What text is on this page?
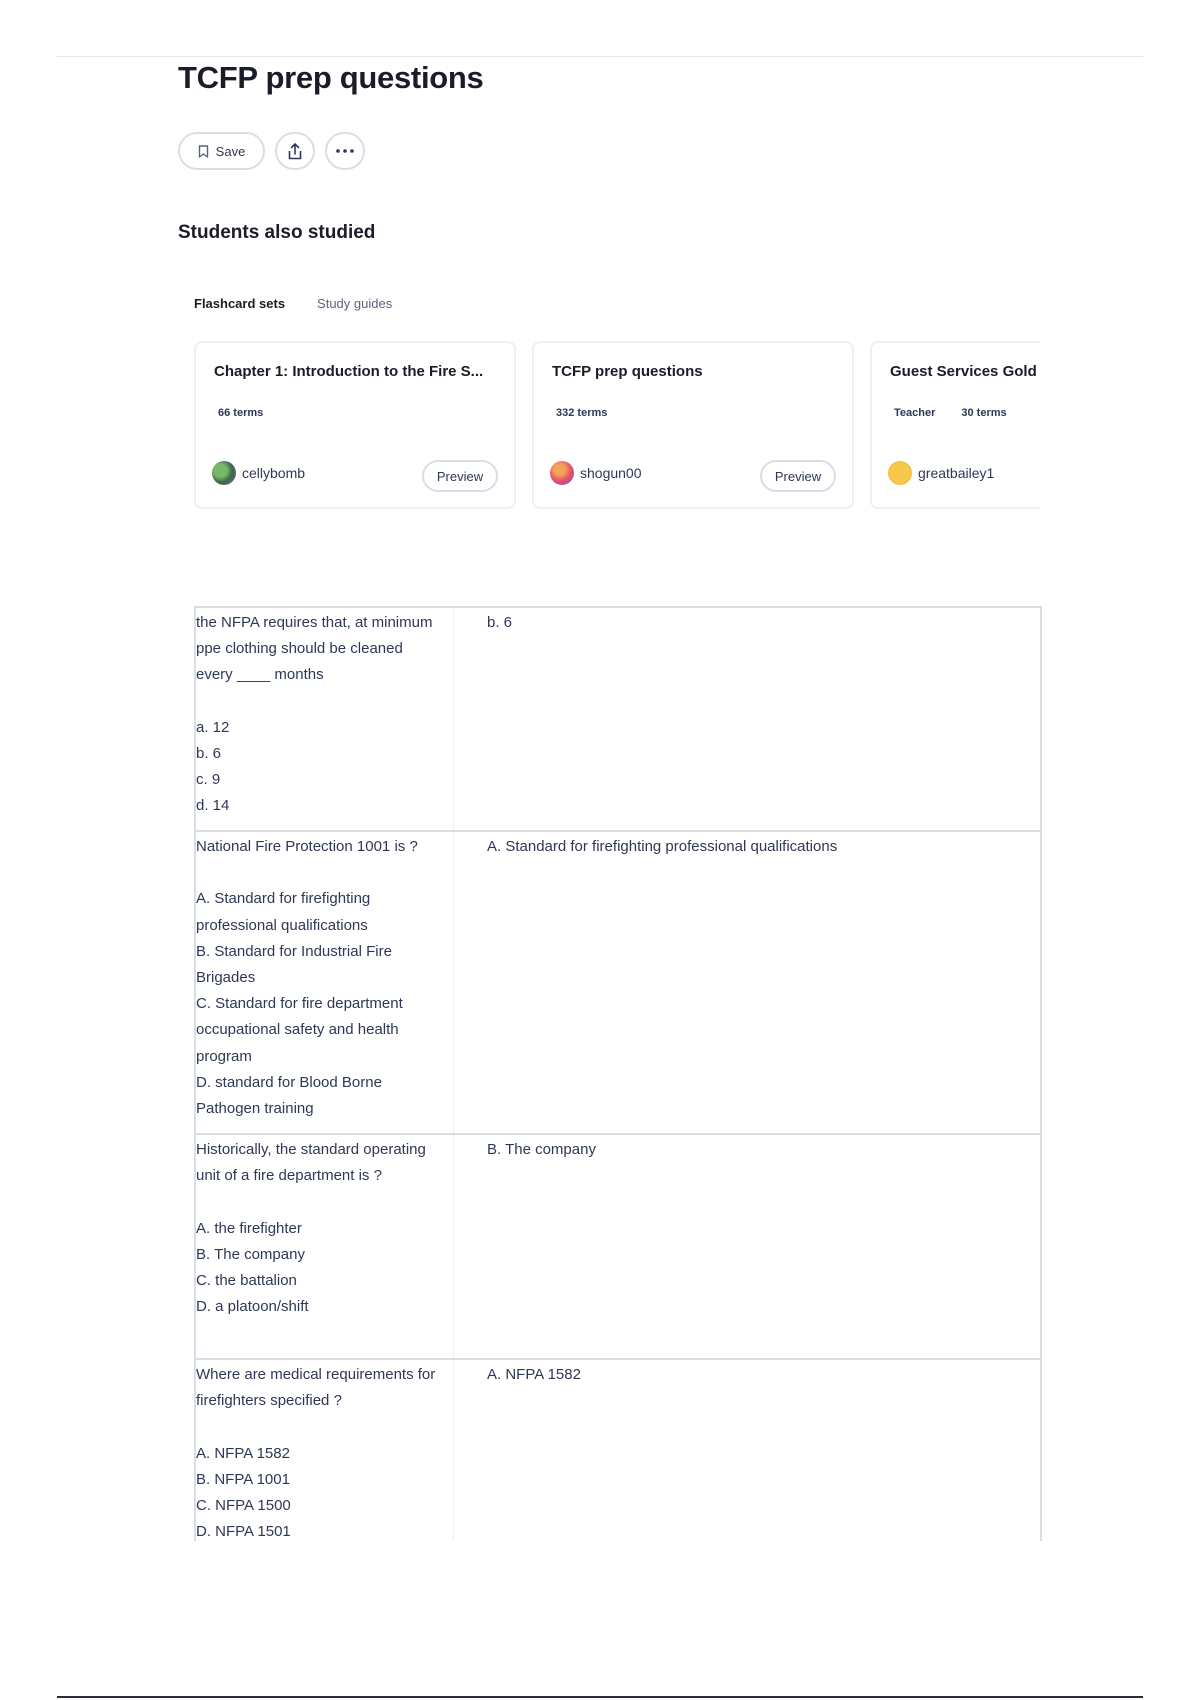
TCFP prep questions
Save
Students also studied
Flashcard sets Study guides
Chapter 1: Introduction to the Fire S...
66 terms
cellybomb	Preview
TCFP prep questions
332 terms
shogun00	Preview
Guest Services Gold
Teacher 30 terms
greatbailey1
the NFPA requires that, at minimum ppe clothing should be cleaned every ____ months

a. 12
b. 6
c. 9
d. 14
b. 6
National Fire Protection 1001 is ?

A. Standard for firefighting professional qualifications
B. Standard for Industrial Fire Brigades
C. Standard for fire department occupational safety and health program
D. standard for Blood Borne Pathogen training
A. Standard for firefighting professional qualifications
Historically, the standard operating unit of a fire department is ?

A. the firefighter
B. The company
C. the battalion
D. a platoon/shift
B. The company
Where are medical requirements for firefighters specified ?

A. NFPA 1582
B. NFPA 1001
C. NFPA 1500
D. NFPA 1501
A. NFPA 1582
